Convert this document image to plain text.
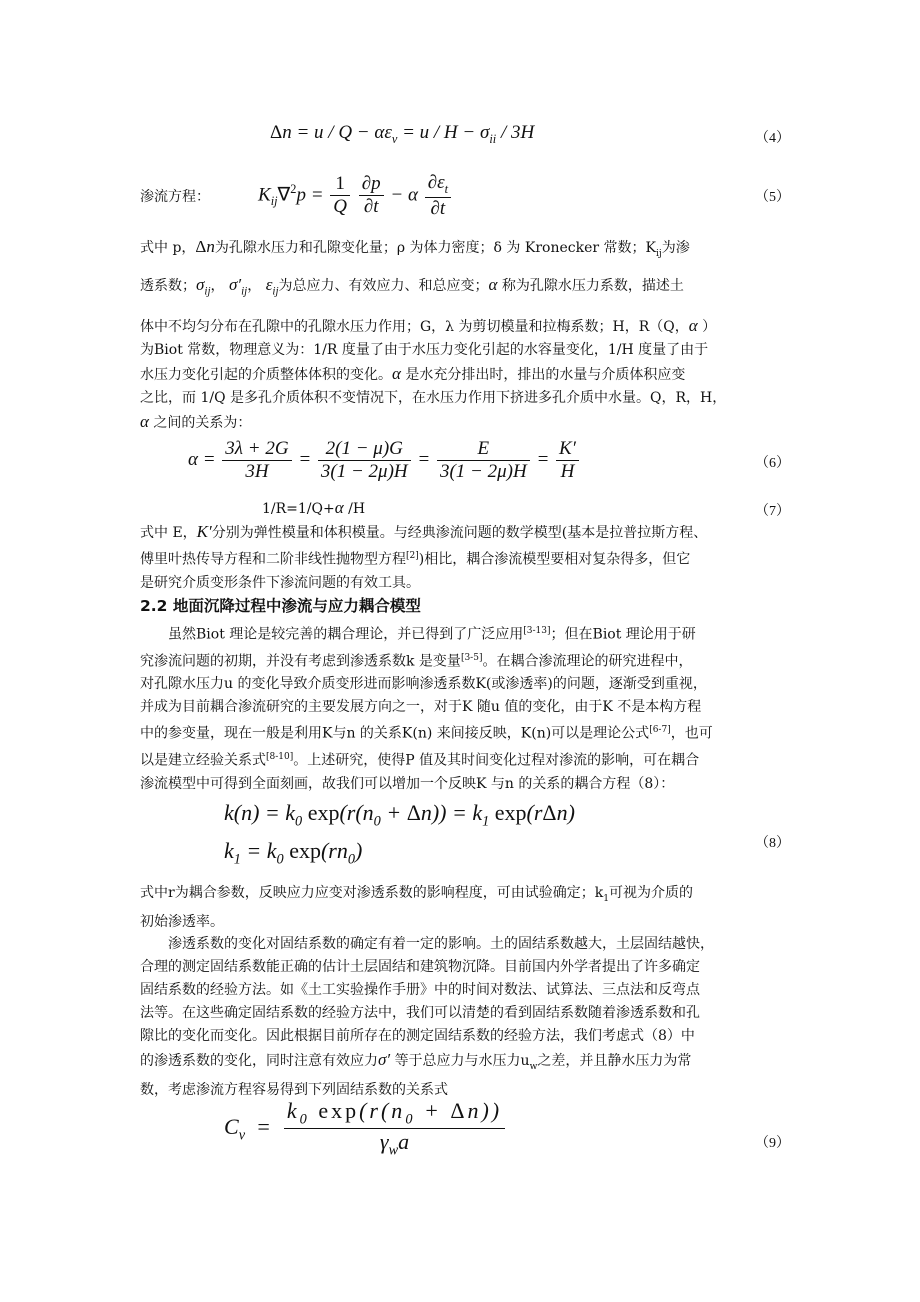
$\Delta n = u / Q - \alpha\varepsilon_v = u / H - \sigma_{ii} / 3H$	（4）
渗流方程：	$K_{ij}\nabla^2p = \frac{1}{Q}$
$\frac{\partial p}{\partial t} - \alpha \frac{\partial\varepsilon_t}{\partial t}$	（5）

式中 p，Δn为孔隙水压力和孔隙变化量；ρ 为体力密度；δ 为 Kronecker 常数；$K_{ij}$为渗

透系数；$\sigma_{ij}$， $\sigma'_{ij}$， $\varepsilon_{ij}$为总应力、有效应力、和总应变；α 称为孔隙水压力系数，描述土

体中不均匀分布在孔隙中的孔隙水压力作用；G，λ 为剪切模量和拉梅系数；H，R（Q，α ）

为Biot 常数，物理意义为：1/R 度量了由于水压力变化引起的水容量变化，1/H 度量了由于

水压力变化引起的介质整体体积的变化。α 是水充分排出时，排出的水量与介质体积应变

之比，而 1/Q 是多孔介质体积不变情况下，在水压力作用下挤进多孔介质中水量。Q，R，H，

α 之间的关系为：

$\alpha = \frac{3\lambda + 2G}{3H} = \frac{2(1 - \mu)G}{3(1 - 2\mu)H} = \frac{E}{3(1 - 2\mu)H} = \frac{K'}{H}$	（6）
1/R=1/Q+α /H	（7）

式中 E，K′分别为弹性模量和体积模量。与经典渗流问题的数学模型(基本是拉普拉斯方程、

傅里叶热传导方程和二阶非线性抛物型方程[2])相比，耦合渗流模型要相对复杂得多，但它

是研究介质变形条件下渗流问题的有效工具。

2.2 地面沉降过程中渗流与应力耦合模型

虽然Biot 理论是较完善的耦合理论，并已得到了广泛应用[3-13]；但在Biot 理论用于研

究渗流问题的初期，并没有考虑到渗透系数k 是变量[3-5]。在耦合渗流理论的研究进程中，

对孔隙水压力u 的变化导致介质变形进而影响渗透系数K(或渗透率)的问题，逐渐受到重视，

并成为目前耦合渗流研究的主要发展方向之一，对于K 随u 值的变化，由于K 不是本构方程

中的参变量，现在一般是利用K与n 的关系K(n) 来间接反映，K(n)可以是理论公式[6-7]，也可

以是建立经验关系式[8-10]。上述研究，使得P 值及其时间变化过程对渗流的影响，可在耦合

渗流模型中可得到全面刻画，故我们可以增加一个反映K 与n 的关系的耦合方程（8）：

$k(n) = k_0$ $\exp(r(n_0 + \Delta n)) = k_1$ exp(rΔn)
$k_1 = k_0$ $\exp(rn_0)$	（8）

式中r为耦合参数，反映应力应变对渗透系数的影响程度，可由试验确定；$k_1$可视为介质的

初始渗透率。

渗透系数的变化对固结系数的确定有着一定的影响。土的固结系数越大，土层固结越快，

合理的测定固结系数能正确的估计土层固结和建筑物沉降。目前国内外学者提出了许多确定

固结系数的经验方法。如《土工实验操作手册》中的时间对数法、试算法、三点法和反弯点

法等。在这些确定固结系数的经验方法中，我们可以清楚的看到固结系数随着渗透系数和孔

隙比的变化而变化。因此根据目前所存在的测定固结系数的经验方法，我们考虑式（8）中

的渗透系数的变化，同时注意有效应力σ′ 等于总应力与水压力$u_w$之差，并且静水压力为常

数，考虑渗流方程容易得到下列固结系数的关系式

$C_v = \frac{k_0 \exp(r(n_0 + \Delta n))}{\gamma_wa}$	（9）
